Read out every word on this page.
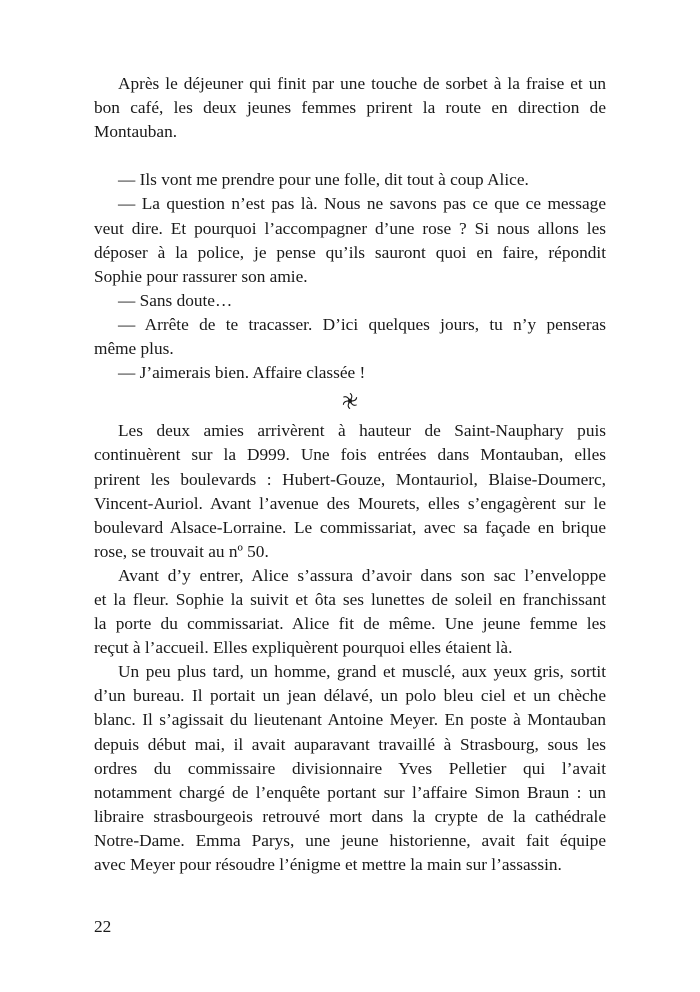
Après le déjeuner qui finit par une touche de sorbet à la fraise et un
bon café, les deux jeunes femmes prirent la route en direction de
Montauban.
— Ils vont me prendre pour une folle, dit tout à coup Alice.
— La question n’est pas là. Nous ne savons pas ce que ce message
veut dire. Et pourquoi l’accompagner d’une rose ? Si nous allons les
déposer à la police, je pense qu’ils sauront quoi en faire, répondit
Sophie pour rassurer son amie.
— Sans doute…
— Arrête de te tracasser. D’ici quelques jours, tu n’y penseras
même plus.
— J’aimerais bien. Affaire classée !
Les deux amies arrivèrent à hauteur de Saint-Nauphary puis
continuèrent sur la D999. Une fois entrées dans Montauban, elles
prirent les boulevards : Hubert-Gouze, Montauriol, Blaise-Doumerc,
Vincent-Auriol. Avant l’avenue des Mourets, elles s’engagèrent sur le
boulevard Alsace-Lorraine. Le commissariat, avec sa façade en brique
rose, se trouvait au nº 50.
Avant d’y entrer, Alice s’assura d’avoir dans son sac l’enveloppe
et la fleur. Sophie la suivit et ôta ses lunettes de soleil en franchissant
la porte du commissariat. Alice fit de même. Une jeune femme les
reçut à l’accueil. Elles expliquèrent pourquoi elles étaient là.
Un peu plus tard, un homme, grand et musclé, aux yeux gris, sortit
d’un bureau. Il portait un jean délavé, un polo bleu ciel et un chèche
blanc. Il s’agissait du lieutenant Antoine Meyer. En poste à Montauban
depuis début mai, il avait auparavant travaillé à Strasbourg, sous les
ordres du commissaire divisionnaire Yves Pelletier qui l’avait
notamment chargé de l’enquête portant sur l’affaire Simon Braun : un
libraire strasbourgeois retrouvé mort dans la crypte de la cathédrale
Notre-Dame. Emma Parys, une jeune historienne, avait fait équipe
avec Meyer pour résoudre l’énigme et mettre la main sur l’assassin.
22
